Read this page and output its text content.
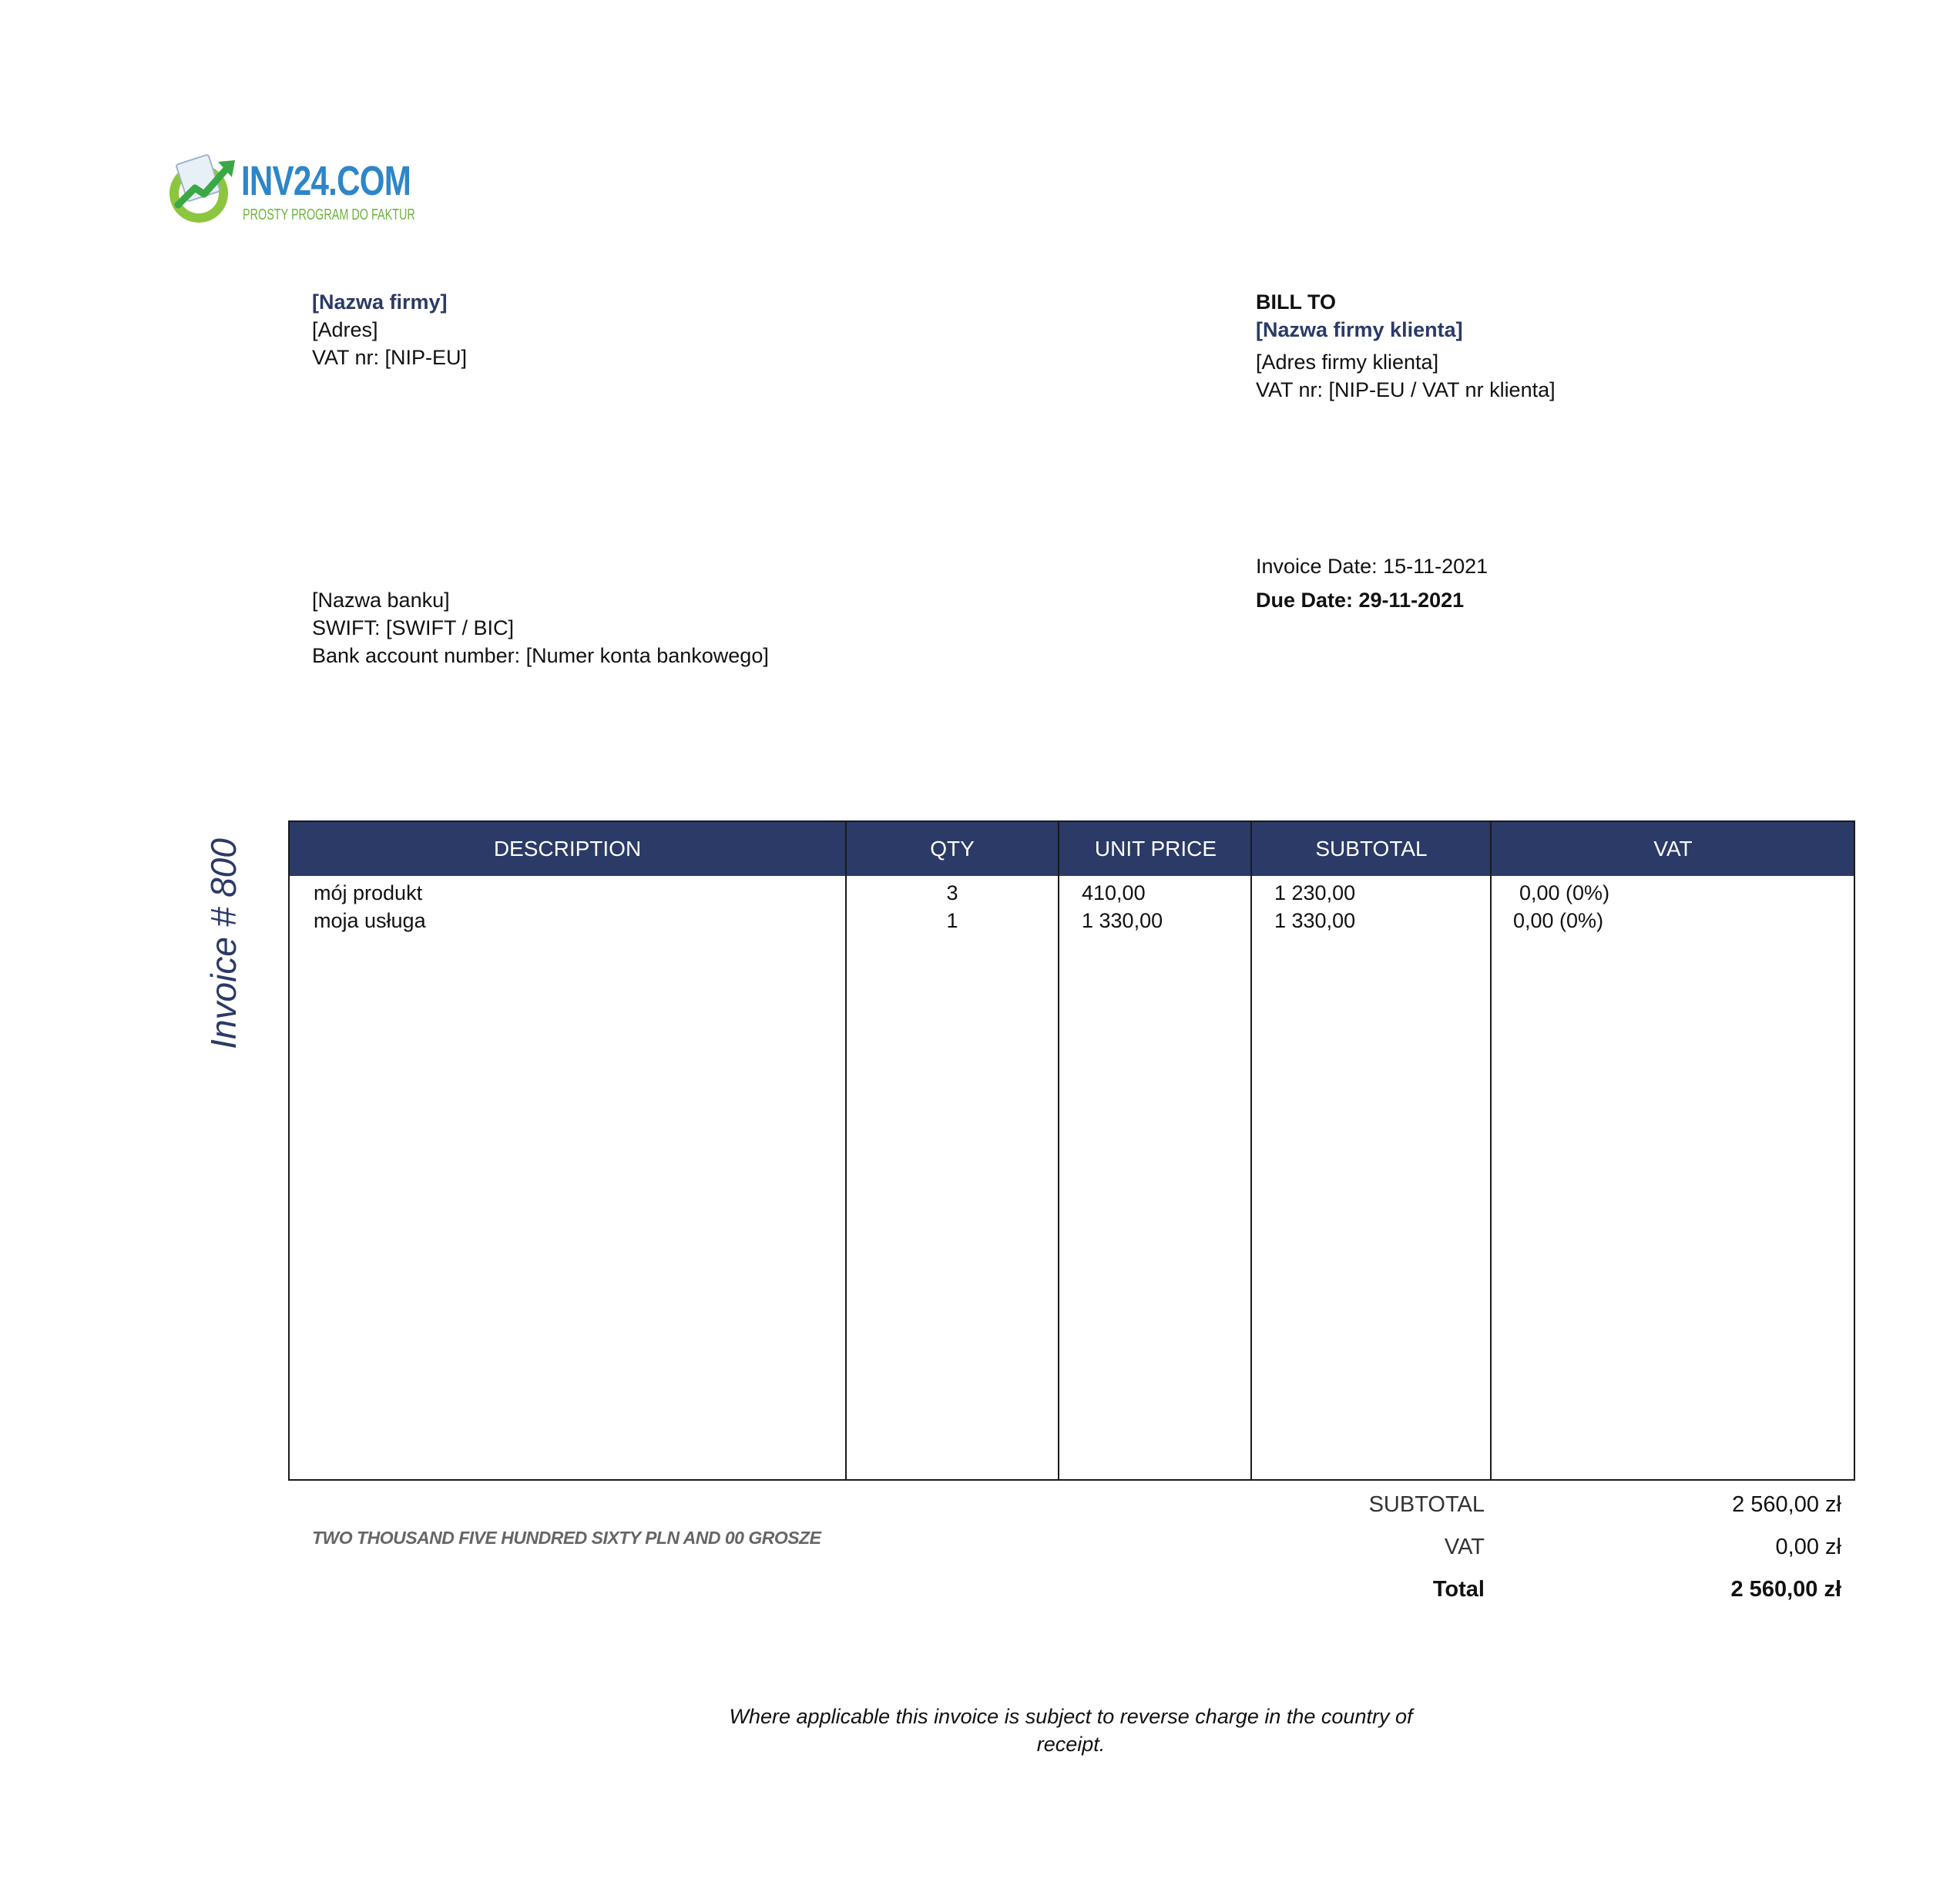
INV24.COM
PROSTY PROGRAM DO FAKTUR
[Nazwa firmy]
[Adres]
VAT nr: [NIP-EU]
BILL TO
[Nazwa firmy klienta]
[Adres firmy klienta]
VAT nr: [NIP-EU / VAT nr klienta]
[Nazwa banku]
SWIFT: [SWIFT / BIC]
Bank account number: [Numer konta bankowego]
Invoice Date: 15-11-2021
Due Date: 29-11-2021
Invoice # 800	DESCRIPTION	QTY	UNIT PRICE	SUBTOTAL	VAT
mój produkt	3	410,00	1 230,00	0,00 (0%)
moja usługa	1	1 330,00	1 330,00	0,00 (0%)
TWO THOUSAND FIVE HUNDRED SIXTY PLN AND 00 GROSZE
SUBTOTAL	2 560,00 zł
VAT	0,00 zł
Total	2 560,00 zł
Where applicable this invoice is subject to reverse charge in the country of receipt.
